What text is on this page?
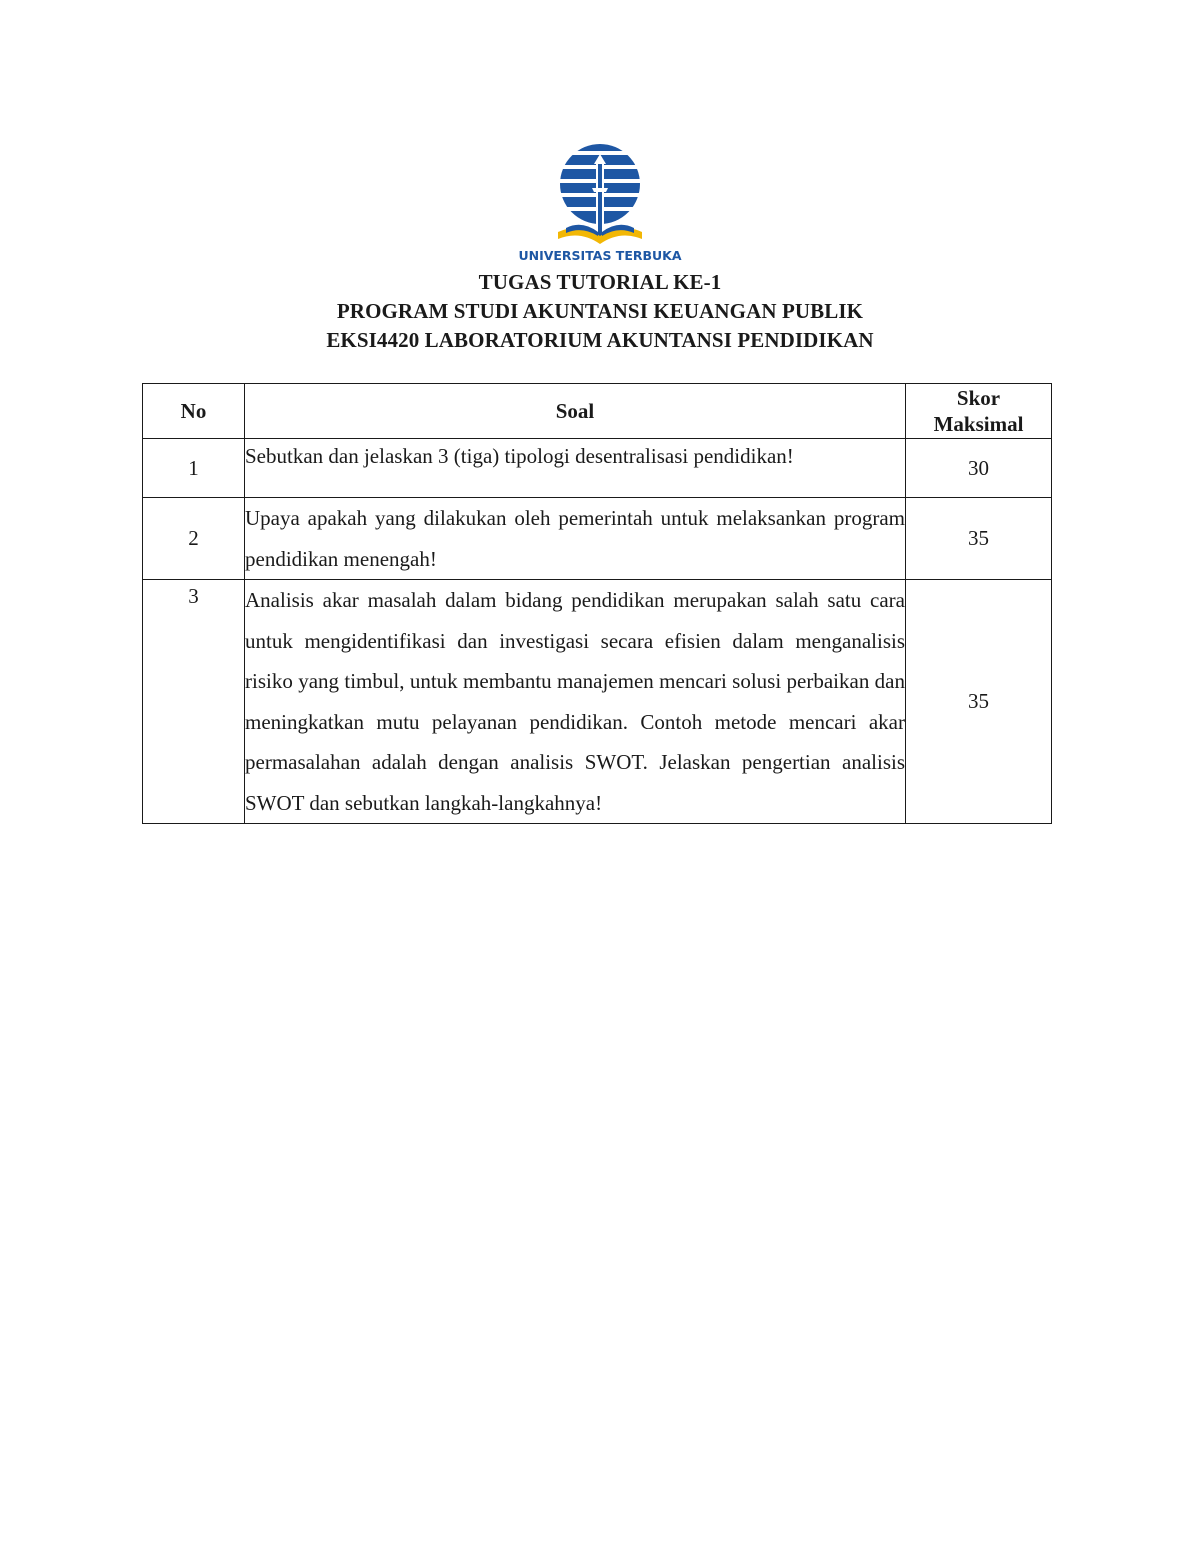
UNIVERSITAS TERBUKA
TUGAS TUTORIAL KE-1
PROGRAM STUDI AKUNTANSI KEUANGAN PUBLIK
EKSI4420 LABORATORIUM AKUNTANSI PENDIDIKAN
No	Soal	Skor
Maksimal

1	Sebutkan dan jelaskan 3 (tiga) tipologi desentralisasi pendidikan!	30
2	Upaya apakah yang dilakukan oleh pemerintah untuk melaksankan program pendidikan menengah!	35
3	Analisis akar masalah dalam bidang pendidikan merupakan salah satu cara untuk mengidentifikasi dan investigasi secara efisien dalam menganalisis risiko yang timbul, untuk membantu manajemen mencari solusi perbaikan dan meningkatkan mutu pelayanan pendidikan. Contoh metode mencari akar permasalahan adalah dengan analisis SWOT. Jelaskan pengertian analisis SWOT dan sebutkan langkah-langkahnya!	35
